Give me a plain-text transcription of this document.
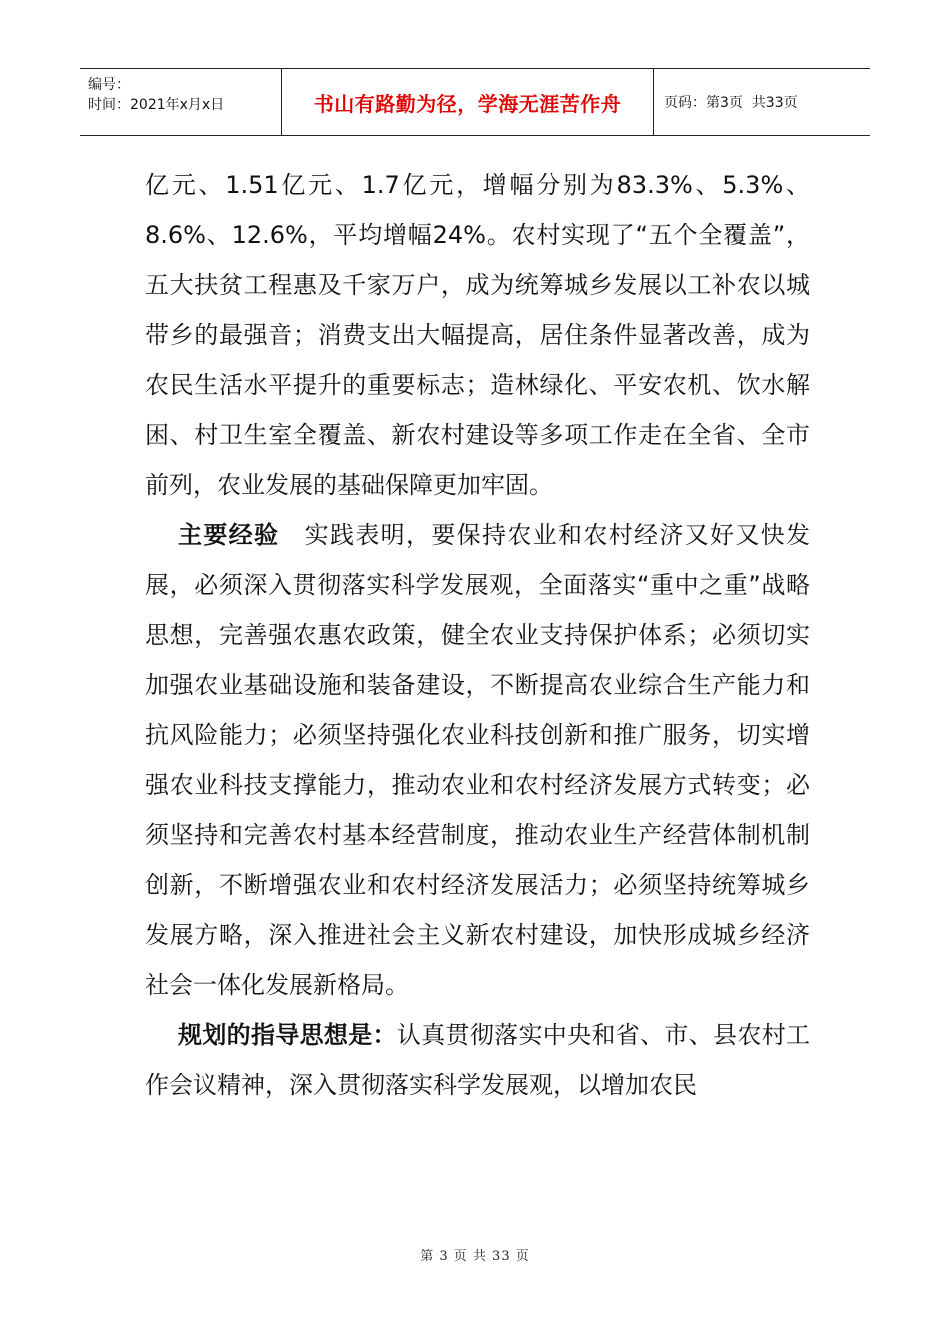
编号：
时间：2021年x月x日	书山有路勤为径，学海无涯苦作舟	页码：第3页  共33页

亿元、1.51亿元、1.7亿元，增幅分别为83.3%、5.3%、8.6%、12.6%，平均增幅24%。农村实现了“五个全覆盖”，五大扶贫工程惠及千家万户，成为统筹城乡发展以工补农以城带乡的最强音；消费支出大幅提高，居住条件显著改善，成为农民生活水平提升的重要标志；造林绿化、平安农机、饮水解困、村卫生室全覆盖、新农村建设等多项工作走在全省、全市前列，农业发展的基础保障更加牢固。

主要经验　实践表明，要保持农业和农村经济又好又快发展，必须深入贯彻落实科学发展观，全面落实“重中之重”战略思想，完善强农惠农政策，健全农业支持保护体系；必须切实加强农业基础设施和装备建设，不断提高农业综合生产能力和抗风险能力；必须坚持强化农业科技创新和推广服务，切实增强农业科技支撑能力，推动农业和农村经济发展方式转变；必须坚持和完善农村基本经营制度，推动农业生产经营体制机制创新，不断增强农业和农村经济发展活力；必须坚持统筹城乡发展方略，深入推进社会主义新农村建设，加快形成城乡经济社会一体化发展新格局。

规划的指导思想是：认真贯彻落实中央和省、市、县农村工作会议精神，深入贯彻落实科学发展观，以增加农民

第 3 页 共 33 页
